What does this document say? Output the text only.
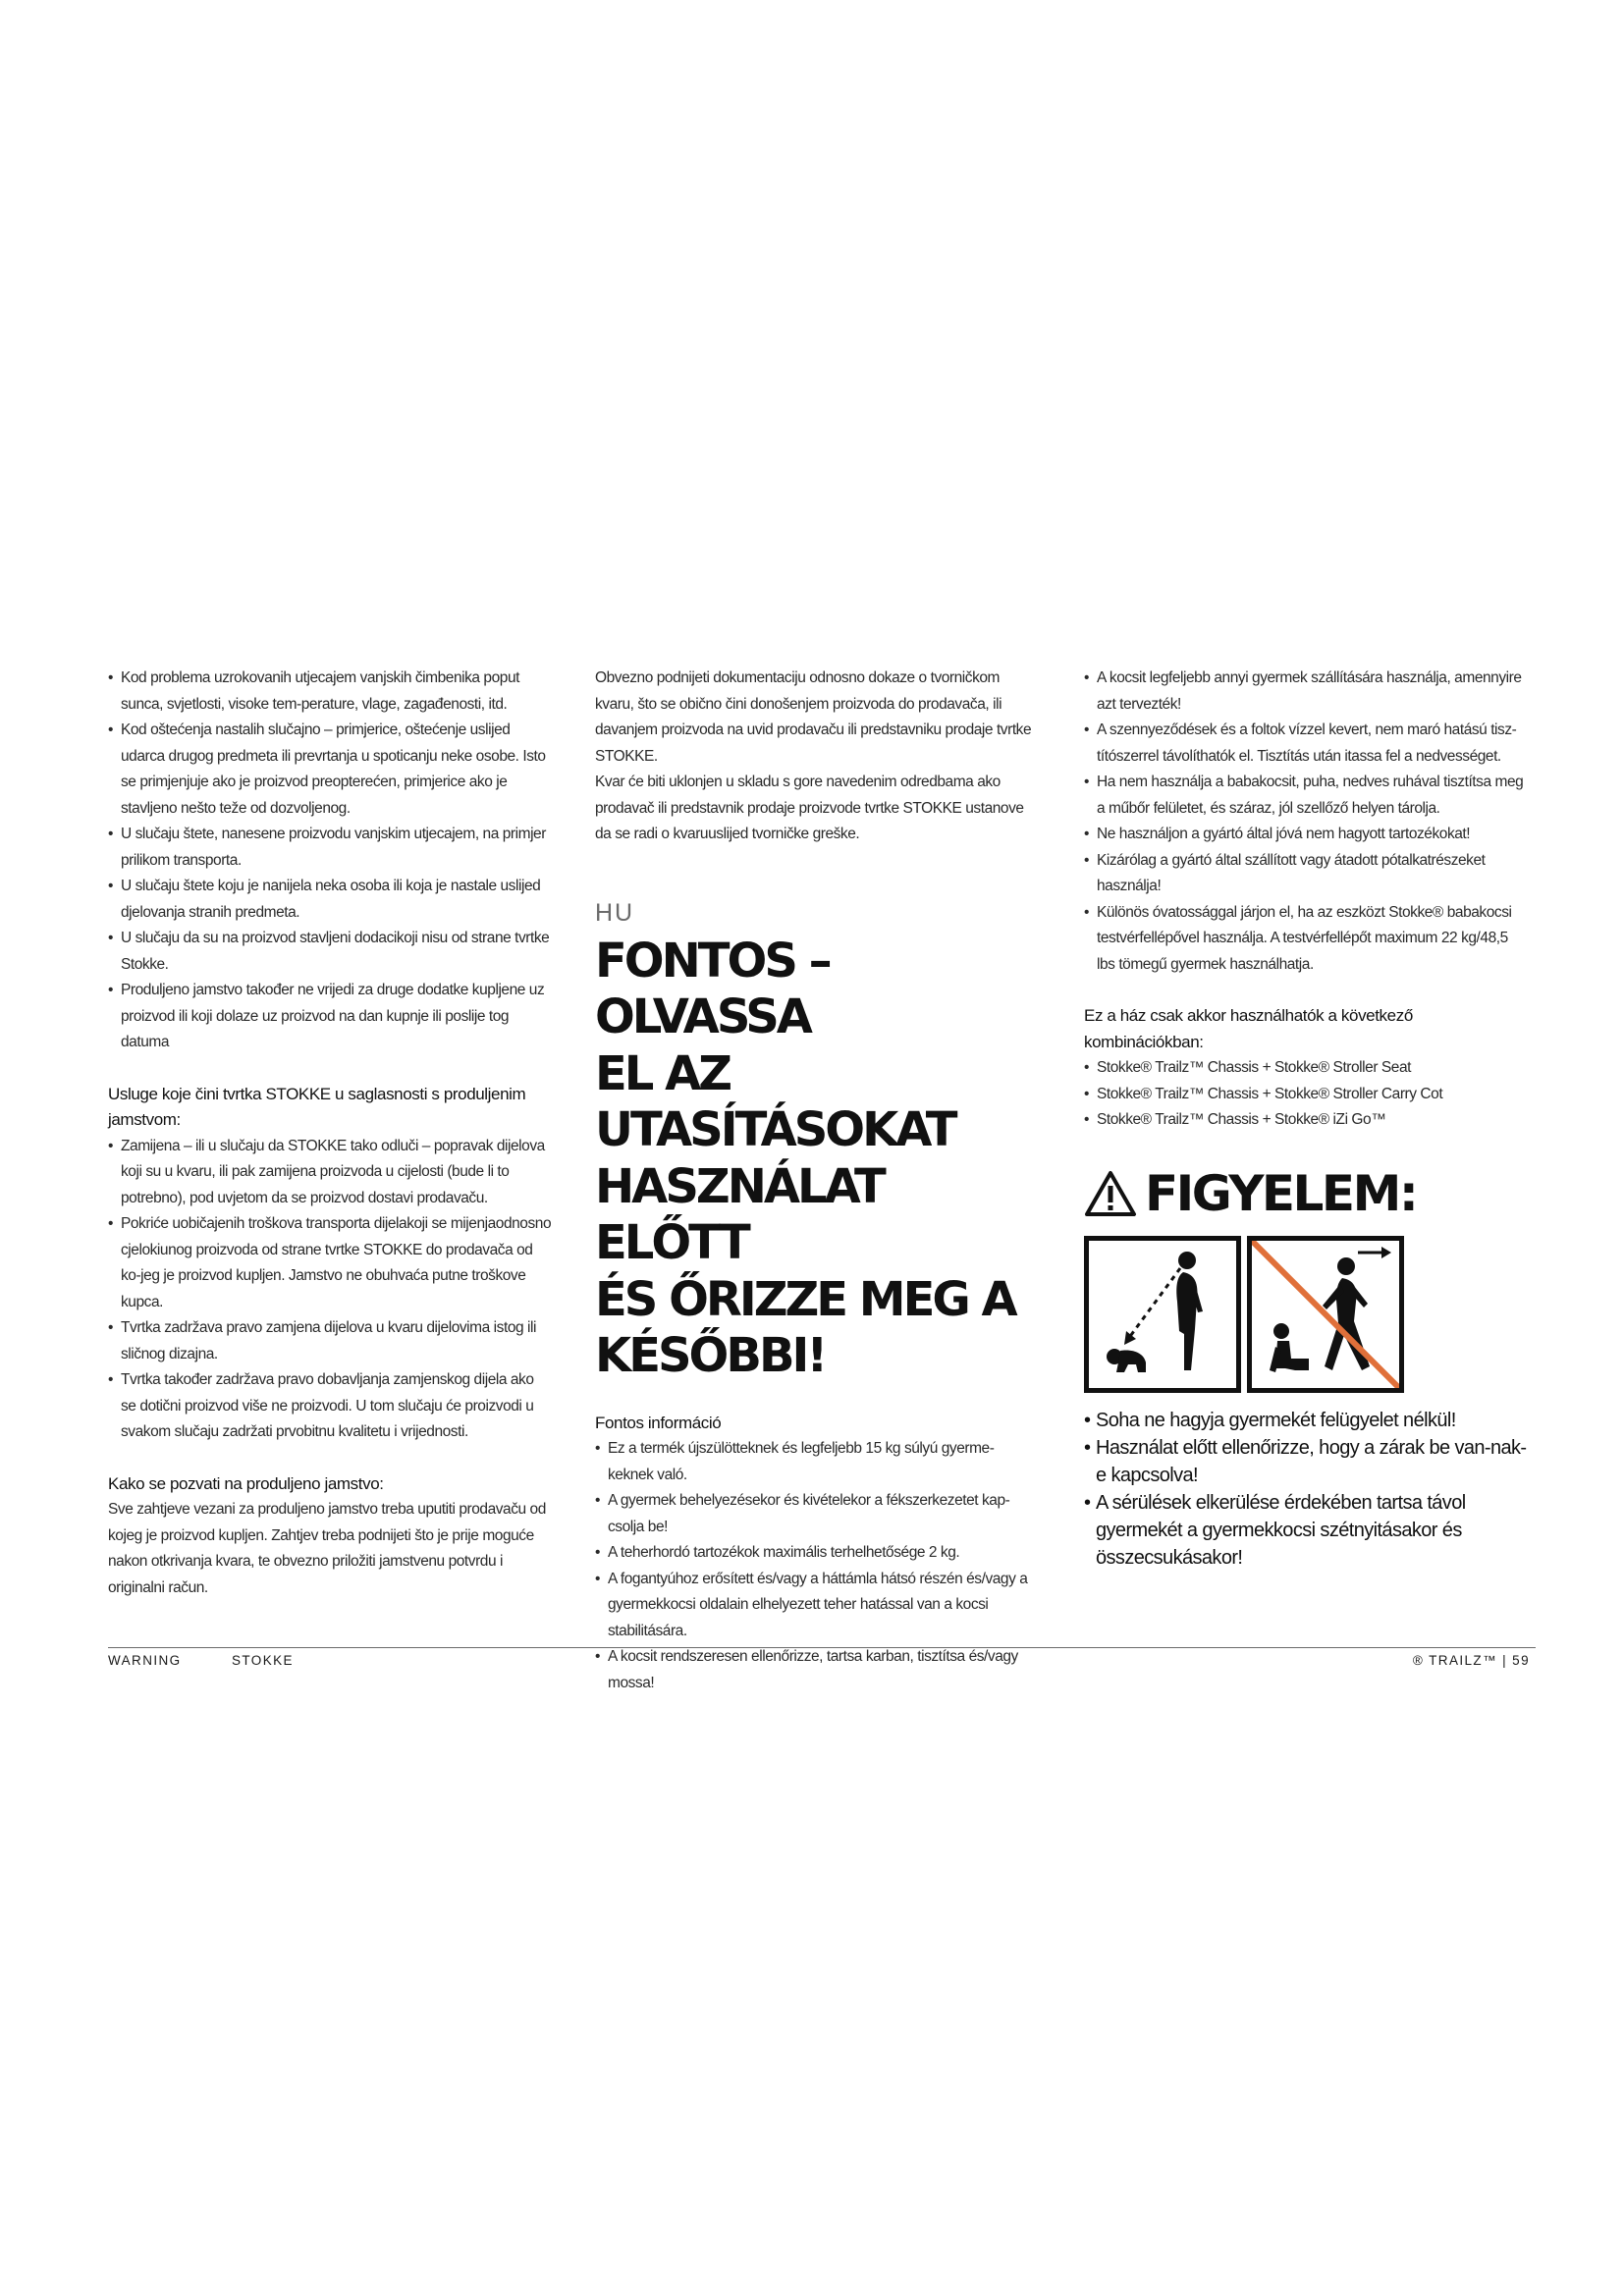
• Kod problema uzrokovanih utjecajem vanjskih čimbenika poput sunca, svjetlosti, visoke tem-perature, vlage, zagađenosti, itd.
• Kod oštećenja nastalih slučajno – primjerice, oštećenje uslijed udarca drugog predmeta ili prevrtanja u spoticanju neke osobe. Isto se primjenjuje ako je proizvod preopterećen, primjerice ako je stavljeno nešto teže od dozvoljenog.
• U slučaju štete, nanesene proizvodu vanjskim utjecajem, na primjer prilikom transporta.
• U slučaju štete koju je nanijela neka osoba ili koja je nastale uslijed djelovanja stranih predmeta.
• U slučaju da su na proizvod stavljeni dodacikoji nisu od strane tvrtke Stokke.
• Produljeno jamstvo također ne vrijedi za druge dodatke kupljene uz proizvod ili koji dolaze uz proizvod na dan kupnje ili poslije tog datuma

Usluge koje čini tvrtka STOKKE u saglasnosti s produljenim jamstvom:

• Zamijena – ili u slučaju da STOKKE tako odluči – popravak dijelova koji su u kvaru, ili pak zamijena proizvoda u cijelosti (bude li to potrebno), pod uvjetom da se proizvod dostavi prodavaču.
• Pokriće uobičajenih troškova transporta dijelakoji se mijenjaodnosno cjelokiunog proizvoda od strane tvrtke STOKKE do prodavača od ko-jeg je proizvod kupljen. Jamstvo ne obuhvaća putne troškove kupca.
• Tvrtka zadržava pravo zamjena dijelova u kvaru dijelovima istog ili sličnog dizajna.
• Tvrtka također zadržava pravo dobavljanja zamjenskog dijela ako se dotični proizvod više ne proizvodi. U tom slučaju će proizvodi u svakom slučaju zadržati prvobitnu kvalitetu i vrijednosti.

Kako se pozvati na produljeno jamstvo:

Sve zahtjeve vezani za produljeno jamstvo treba uputiti prodavaču od kojeg je proizvod kupljen. Zahtjev treba podnijeti što je prije moguće nakon otkrivanja kvara, te obvezno priložiti jamstvenu potvrdu i originalni račun.

Obvezno podnijeti dokumentaciju odnosno dokaze o tvorničkom kvaru, što se obično čini donošenjem proizvoda do prodavača, ili davanjem proizvoda na uvid prodavaču ili predstavniku prodaje tvrtke STOKKE.

Kvar će biti uklonjen u skladu s gore navedenim odredbama ako prodavač ili predstavnik prodaje proizvode tvrtke STOKKE ustanove da se radi o kvaruuslijed tvorničke greške.

HU

FONTOS – OLVASSA

EL AZ UTASÍTÁSOKAT

HASZNÁLAT ELŐTT

ÉS ŐRIZZE MEG A

KÉSŐBBI!

Fontos információ

• Ez a termék újszülötteknek és legfeljebb 15 kg súlyú gyerme-keknek való.
• A gyermek behelyezésekor és kivételekor a fékszerkezetet kap-csolja be!
• A teherhordó tartozékok maximális terhelhetősége 2 kg.
• A fogantyúhoz erősített és/vagy a háttámla hátsó részén és/vagy a gyermekkocsi oldalain elhelyezett teher hatással van a kocsi stabilitására.
• A kocsit rendszeresen ellenőrizze, tartsa karban, tisztítsa és/vagy mossa!
• A kocsit legfeljebb annyi gyermek szállítására használja, amennyire azt tervezték!
• A szennyeződések és a foltok vízzel kevert, nem maró hatású tisz-títószerrel távolíthatók el. Tisztítás után itassa fel a nedvességet.
• Ha nem használja a babakocsit, puha, nedves ruhával tisztítsa meg a műbőr felületet, és száraz, jól szellőző helyen tárolja.
• Ne használjon a gyártó által jóvá nem hagyott tartozékokat!
• Kizárólag a gyártó által szállított vagy átadott pótalkatrészeket használja!
• Különös óvatossággal járjon el, ha az eszközt Stokke® babakocsi testvérfellépővel használja. A testvérfellépőt maximum 22 kg/48,5 lbs tömegű gyermek használhatja.

Ez a ház csak akkor használhatók a következő kombinációkban:

• Stokke® Trailz™ Chassis + Stokke® Stroller Seat
• Stokke® Trailz™ Chassis + Stokke® Stroller Carry Cot
• Stokke® Trailz™ Chassis + Stokke® iZi Go™
FIGYELEM:
• Soha ne hagyja gyermekét felügyelet nélkül!
• Használat előtt ellenőrizze, hogy a zárak be van-nak-e kapcsolva!
• A sérülések elkerülése érdekében tartsa távol gyermekét a gyermekkocsi szétnyitásakor és összecsukásakor!
WARNING	STOKKE	® TRAILZ™ | 59
